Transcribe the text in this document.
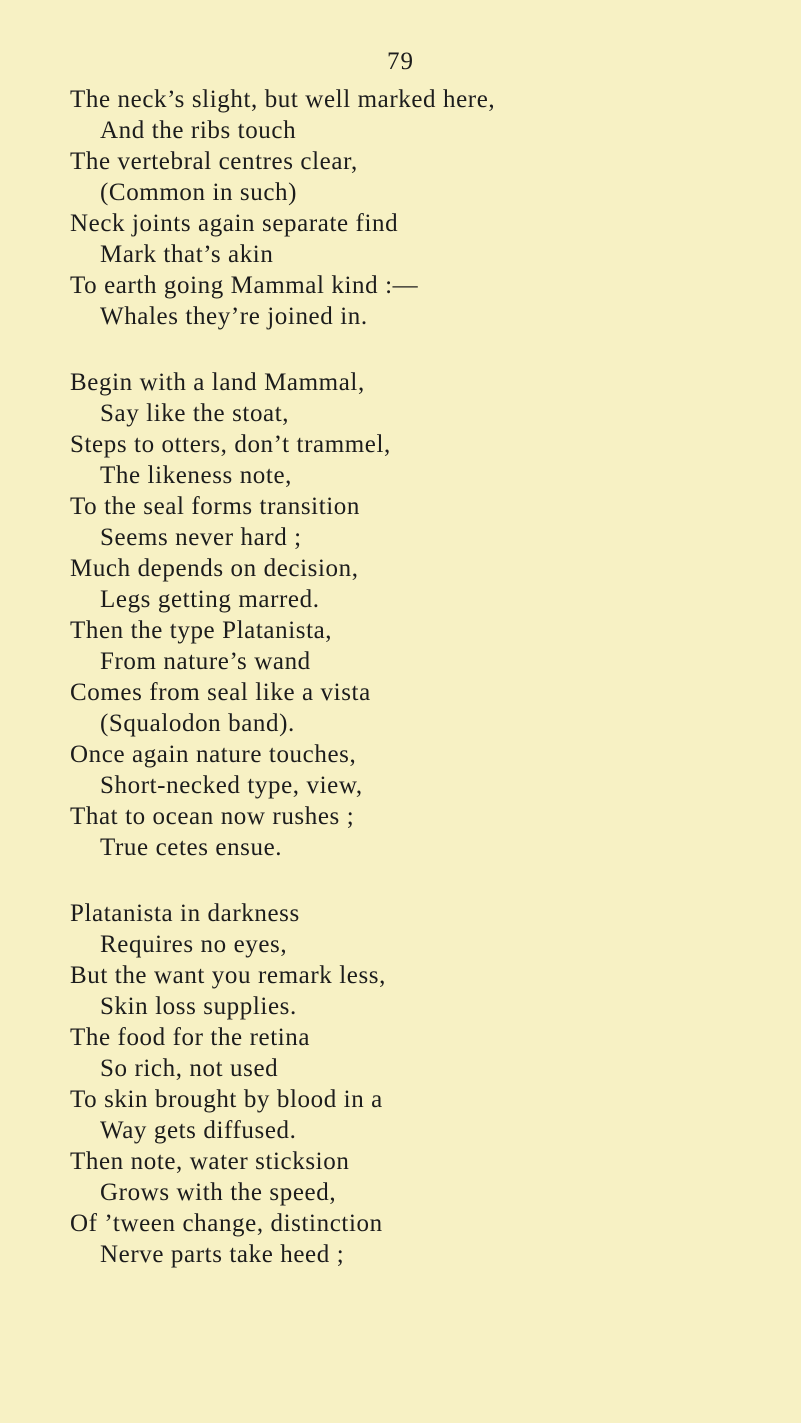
79
The neck’s slight, but well marked here,
And the ribs touch
The vertebral centres clear,
(Common in such)
Neck joints again separate find
Mark that’s akin
To earth going Mammal kind :—
Whales they’re joined in.
Begin with a land Mammal,
Say like the stoat,
Steps to otters, don’t trammel,
The likeness note,
To the seal forms transition
Seems never hard ;
Much depends on decision,
Legs getting marred.
Then the type Platanista,
From nature’s wand
Comes from seal like a vista
(Squalodon band).
Once again nature touches,
Short-necked type, view,
That to ocean now rushes ;
True cetes ensue.
Platanista in darkness
Requires no eyes,
But the want you remark less,
Skin loss supplies.
The food for the retina
So rich, not used
To skin brought by blood in a
Way gets diffused.
Then note, water sticksion
Grows with the speed,
Of ’tween change, distinction
Nerve parts take heed ;
